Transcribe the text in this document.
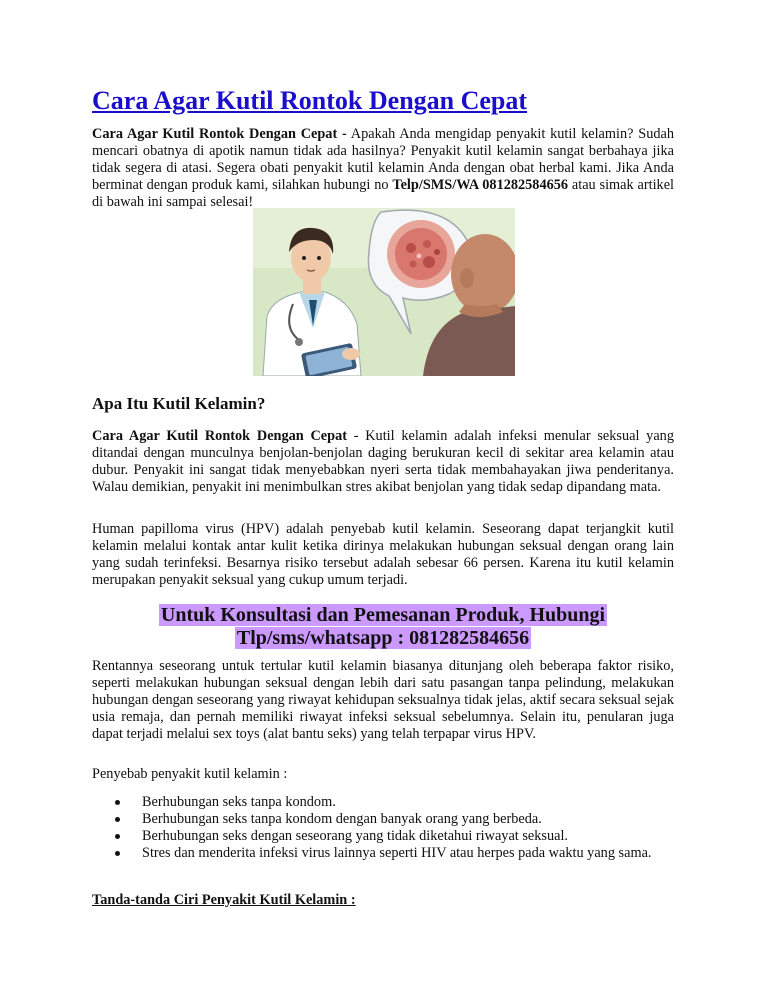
Cara Agar Kutil Rontok Dengan Cepat

Cara Agar Kutil Rontok Dengan Cepat - Apakah Anda mengidap penyakit kutil kelamin? Sudah mencari obatnya di apotik namun tidak ada hasilnya? Penyakit kutil kelamin sangat berbahaya jika tidak segera di atasi. Segera obati penyakit kutil kelamin Anda dengan obat herbal kami. Jika Anda berminat dengan produk kami, silahkan hubungi no Telp/SMS/WA 081282584656 atau simak artikel di bawah ini sampai selesai!

Apa Itu Kutil Kelamin?

Cara Agar Kutil Rontok Dengan Cepat - Kutil kelamin adalah infeksi menular seksual yang ditandai dengan munculnya benjolan-benjolan daging berukuran kecil di sekitar area kelamin atau dubur. Penyakit ini sangat tidak menyebabkan nyeri serta tidak membahayakan jiwa penderitanya. Walau demikian, penyakit ini menimbulkan stres akibat benjolan yang tidak sedap dipandang mata.

Human papilloma virus (HPV) adalah penyebab kutil kelamin. Seseorang dapat terjangkit kutil kelamin melalui kontak antar kulit ketika dirinya melakukan hubungan seksual dengan orang lain yang sudah terinfeksi. Besarnya risiko tersebut adalah sebesar 66 persen. Karena itu kutil kelamin merupakan penyakit seksual yang cukup umum terjadi.

Untuk Konsultasi dan Pemesanan Produk, Hubungi
Tlp/sms/whatsapp : 081282584656

Rentannya seseorang untuk tertular kutil kelamin biasanya ditunjang oleh beberapa faktor risiko, seperti melakukan hubungan seksual dengan lebih dari satu pasangan tanpa pelindung, melakukan hubungan dengan seseorang yang riwayat kehidupan seksualnya tidak jelas, aktif secara seksual sejak usia remaja, dan pernah memiliki riwayat infeksi seksual sebelumnya. Selain itu, penularan juga dapat terjadi melalui sex toys (alat bantu seks) yang telah terpapar virus HPV.

Penyebab penyakit kutil kelamin :

Berhubungan seks tanpa kondom.
Berhubungan seks tanpa kondom dengan banyak orang yang berbeda.
Berhubungan seks dengan seseorang yang tidak diketahui riwayat seksual.
Stres dan menderita infeksi virus lainnya seperti HIV atau herpes pada waktu yang sama.

Tanda-tanda Ciri Penyakit Kutil Kelamin :
